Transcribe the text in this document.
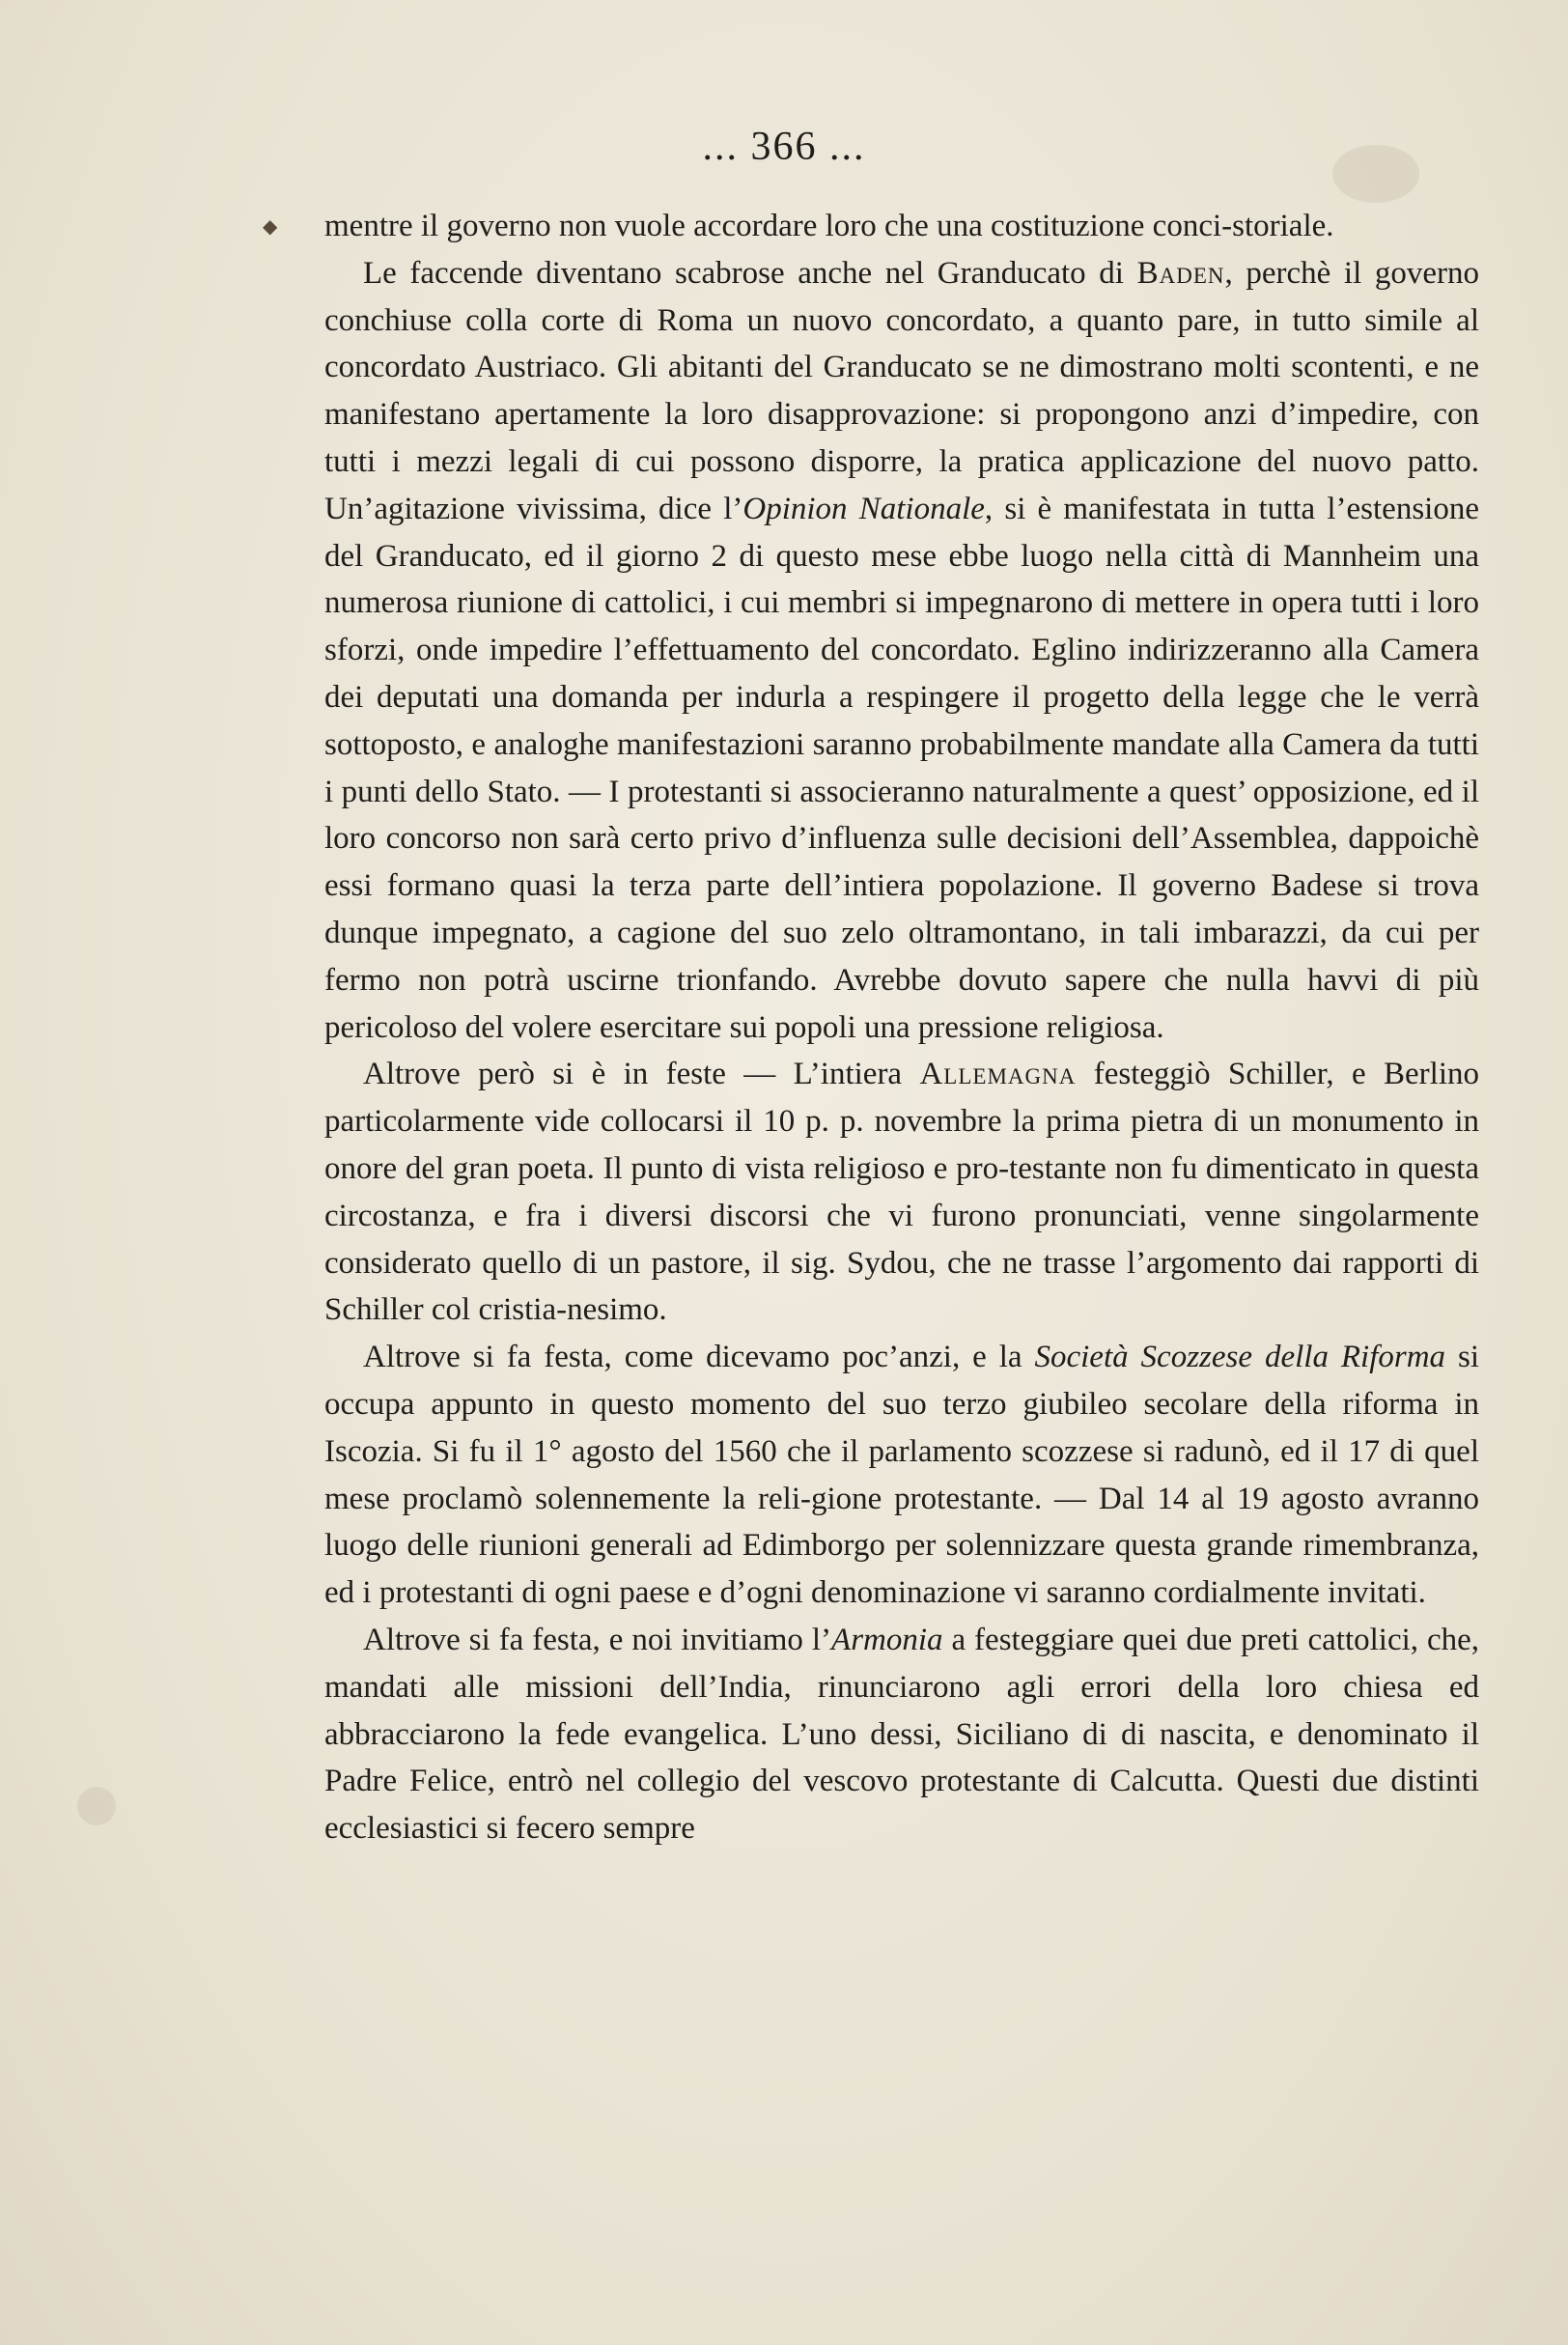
◆
... 366 ...

mentre il governo non vuole accordare loro che una costituzione conci-storiale.

Le faccende diventano scabrose anche nel Granducato di Baden, perchè il governo conchiuse colla corte di Roma un nuovo concordato, a quanto pare, in tutto simile al concordato Austriaco. Gli abitanti del Granducato se ne dimostrano molti scontenti, e ne manifestano apertamente la loro disapprovazione: si propongono anzi d’impedire, con tutti i mezzi legali di cui possono disporre, la pratica applicazione del nuovo patto. Un’agitazione vivissima, dice l’Opinion Nationale, si è manifestata in tutta l’estensione del Granducato, ed il giorno 2 di questo mese ebbe luogo nella città di Mannheim una numerosa riunione di cattolici, i cui membri si impegnarono di mettere in opera tutti i loro sforzi, onde impedire l’effettuamento del concordato. Eglino indirizzeranno alla Camera dei deputati una domanda per indurla a respingere il progetto della legge che le verrà sottoposto, e analoghe manifestazioni saranno probabilmente mandate alla Camera da tutti i punti dello Stato. — I protestanti si associeranno naturalmente a quest’ opposizione, ed il loro concorso non sarà certo privo d’influenza sulle decisioni dell’Assemblea, dappoichè essi formano quasi la terza parte dell’intiera popolazione. Il governo Badese si trova dunque impegnato, a cagione del suo zelo oltramontano, in tali imbarazzi, da cui per fermo non potrà uscirne trionfando. Avrebbe dovuto sapere che nulla havvi di più pericoloso del volere esercitare sui popoli una pressione religiosa.

Altrove però si è in feste — L’intiera Allemagna festeggiò Schiller, e Berlino particolarmente vide collocarsi il 10 p. p. novembre la prima pietra di un monumento in onore del gran poeta. Il punto di vista religioso e pro-testante non fu dimenticato in questa circostanza, e fra i diversi discorsi che vi furono pronunciati, venne singolarmente considerato quello di un pastore, il sig. Sydou, che ne trasse l’argomento dai rapporti di Schiller col cristia-nesimo.

Altrove si fa festa, come dicevamo poc’anzi, e la Società Scozzese della Riforma si occupa appunto in questo momento del suo terzo giubileo secolare della riforma in Iscozia. Si fu il 1° agosto del 1560 che il parlamento scozzese si radunò, ed il 17 di quel mese proclamò solennemente la reli-gione protestante. — Dal 14 al 19 agosto avranno luogo delle riunioni generali ad Edimborgo per solennizzare questa grande rimembranza, ed i protestanti di ogni paese e d’ogni denominazione vi saranno cordialmente invitati.

Altrove si fa festa, e noi invitiamo l’Armonia a festeggiare quei due preti cattolici, che, mandati alle missioni dell’India, rinunciarono agli errori della loro chiesa ed abbracciarono la fede evangelica. L’uno dessi, Siciliano di di nascita, e denominato il Padre Felice, entrò nel collegio del vescovo protestante di Calcutta. Questi due distinti ecclesiastici si fecero sempre
